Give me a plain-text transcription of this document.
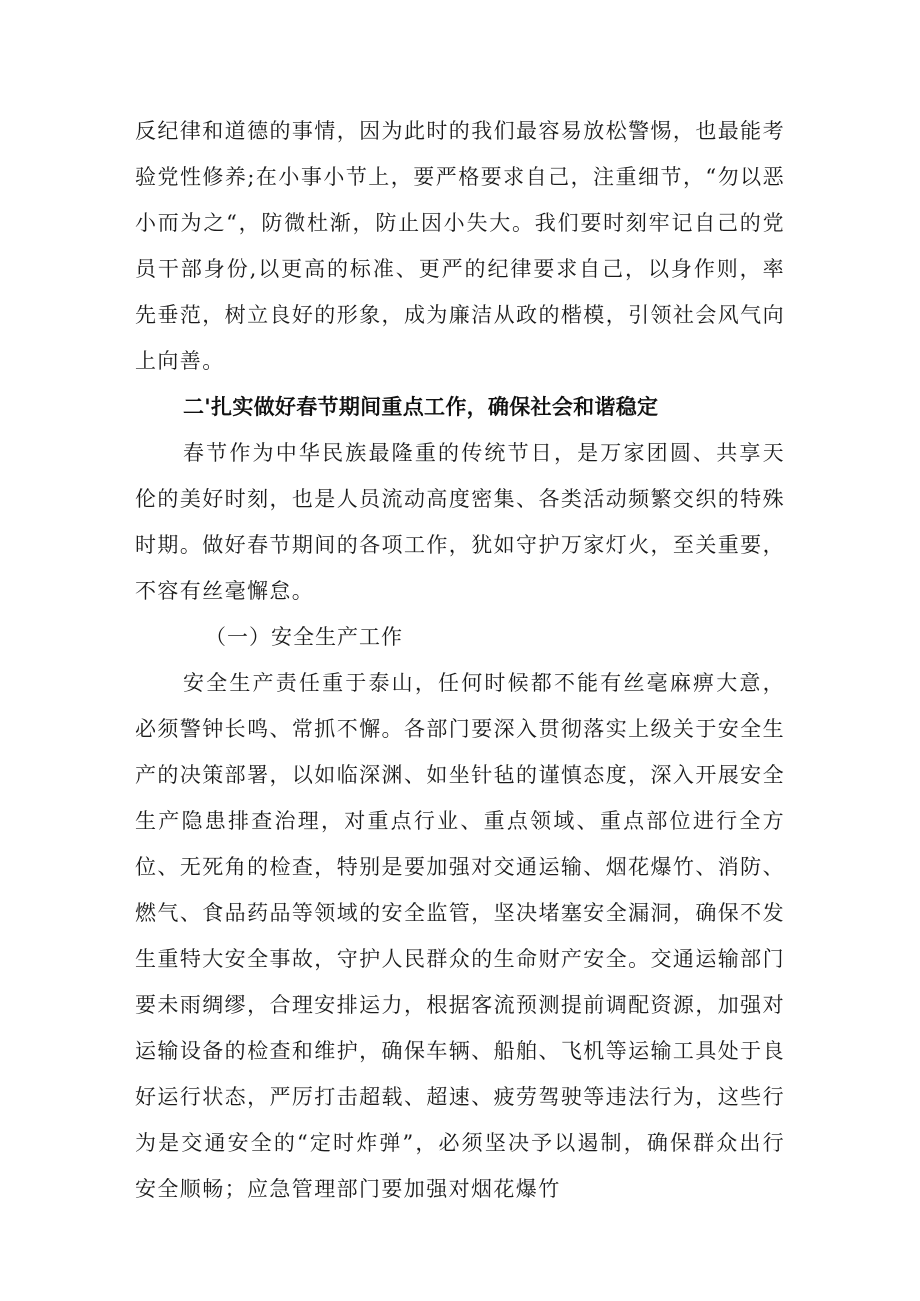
反纪律和道德的事情，因为此时的我们最容易放松警惕，也最能考验党性修养;在小事小节上，要严格要求自己，注重细节，“勿以恶小而为之“，防微杜渐，防止因小失大。我们要时刻牢记自己的党员干部身份,以更高的标准、更严的纪律要求自己，以身作则，率先垂范，树立良好的形象，成为廉洁从政的楷模，引领社会风气向上向善。

二'扎实做好春节期间重点工作，确保社会和谐稳定

春节作为中华民族最隆重的传统节日，是万家团圆、共享天伦的美好时刻，也是人员流动高度密集、各类活动频繁交织的特殊时期。做好春节期间的各项工作，犹如守护万家灯火，至关重要，不容有丝毫懈怠。

（一）安全生产工作

安全生产责任重于泰山，任何时候都不能有丝毫麻痹大意，必须警钟长鸣、常抓不懈。各部门要深入贯彻落实上级关于安全生产的决策部署，以如临深渊、如坐针毡的谨慎态度，深入开展安全生产隐患排查治理，对重点行业、重点领域、重点部位进行全方位、无死角的检查，特别是要加强对交通运输、烟花爆竹、消防、燃气、食品药品等领域的安全监管，坚决堵塞安全漏洞，确保不发生重特大安全事故，守护人民群众的生命财产安全。交通运输部门要未雨绸缪，合理安排运力，根据客流预测提前调配资源，加强对运输设备的检查和维护，确保车辆、船舶、飞机等运输工具处于良好运行状态，严厉打击超载、超速、疲劳驾驶等违法行为，这些行为是交通安全的“定时炸弹”，必须坚决予以遏制，确保群众出行安全顺畅；应急管理部门要加强对烟花爆竹
